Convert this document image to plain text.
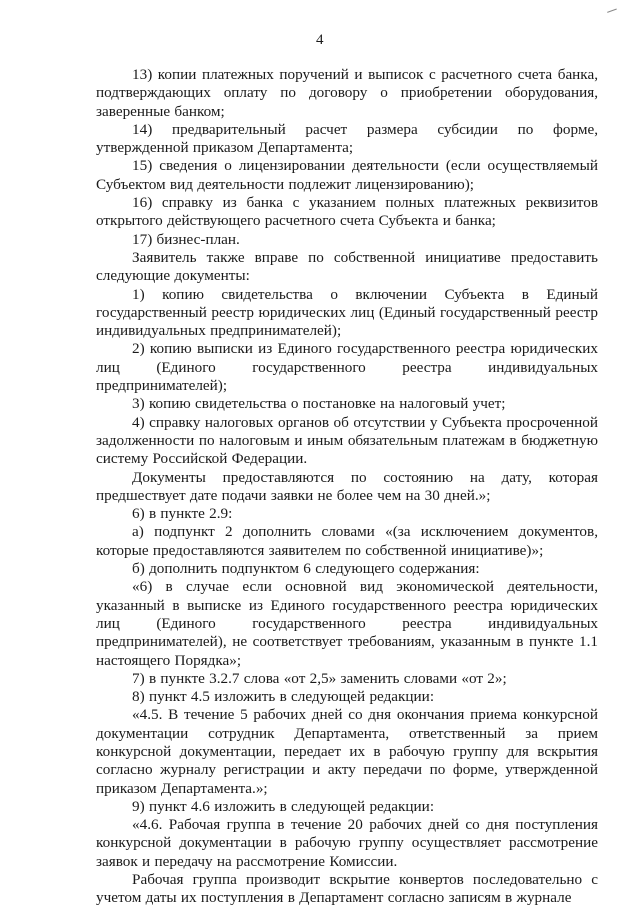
4

13) копии платежных поручений и выписок с расчетного счета банка, подтверждающих оплату по договору о приобретении оборудования, заверенные банком;

14) предварительный расчет размера субсидии по форме, утвержденной приказом Департамента;

15) сведения о лицензировании деятельности (если осуществляемый Субъектом вид деятельности подлежит лицензированию);

16) справку из банка с указанием полных платежных реквизитов открытого действующего расчетного счета Субъекта и банка;

17) бизнес-план.

Заявитель также вправе по собственной инициативе предоставить следующие документы:

1) копию свидетельства о включении Субъекта в Единый государственный реестр юридических лиц (Единый государственный реестр индивидуальных предпринимателей);

2) копию выписки из Единого государственного реестра юридических лиц (Единого государственного реестра индивидуальных предпринимателей);

3) копию свидетельства о постановке на налоговый учет;

4) справку налоговых органов об отсутствии у Субъекта просроченной задолженности по налоговым и иным обязательным платежам в бюджетную систему Российской Федерации.

Документы предоставляются по состоянию на дату, которая предшествует дате подачи заявки не более чем на 30 дней.»;

6) в пункте 2.9:

а) подпункт 2 дополнить словами «(за исключением документов, которые предоставляются заявителем по собственной инициативе)»;

б) дополнить подпунктом 6 следующего содержания:

«6) в случае если основной вид экономической деятельности, указанный в выписке из Единого государственного реестра юридических лиц (Единого государственного реестра индивидуальных предпринимателей), не соответствует требованиям, указанным в пункте 1.1 настоящего Порядка»;

7) в пункте 3.2.7 слова «от 2,5» заменить словами «от 2»;

8) пункт 4.5 изложить в следующей редакции:

«4.5. В течение 5 рабочих дней со дня окончания приема конкурсной документации сотрудник Департамента, ответственный за прием конкурсной документации, передает их в рабочую группу для вскрытия согласно журналу регистрации и акту передачи по форме, утвержденной приказом Департамента.»;

9) пункт 4.6 изложить в следующей редакции:

«4.6. Рабочая группа в течение 20 рабочих дней со дня поступления конкурсной документации в рабочую группу осуществляет рассмотрение заявок и передачу на рассмотрение Комиссии.

Рабочая группа производит вскрытие конвертов последовательно с учетом даты их поступления в Департамент согласно записям в журнале
